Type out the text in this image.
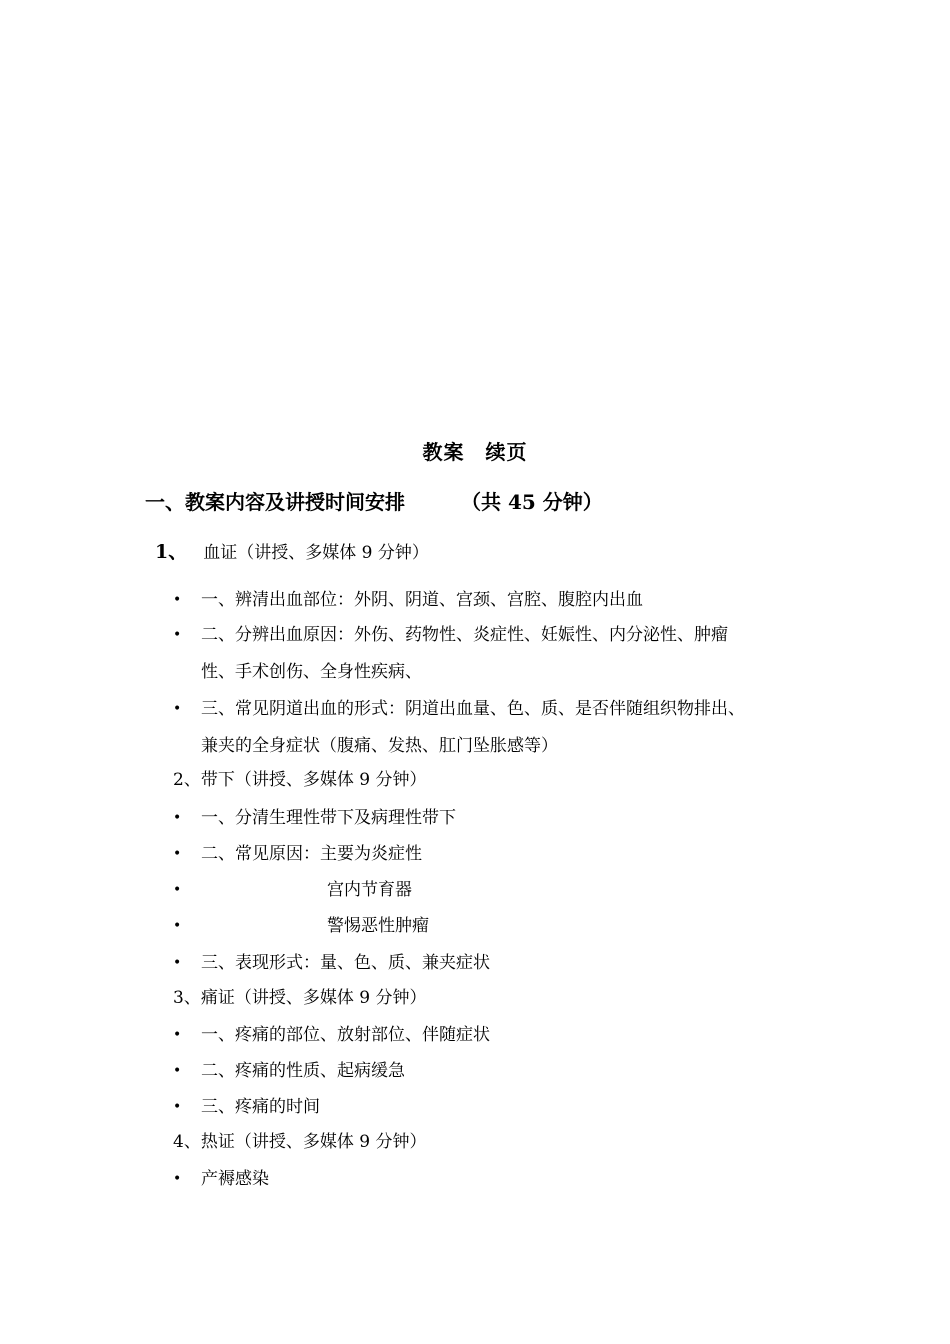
教案　续页
一、教案内容及讲授时间安排	（共 45 分钟）
1、 血证（讲授、多媒体 9 分钟）
• 一、辨清出血部位：外阴、阴道、宫颈、宫腔、腹腔内出血
• 二、分辨出血原因：外伤、药物性、炎症性、妊娠性、内分泌性、肿瘤
性、手术创伤、全身性疾病、
• 三、常见阴道出血的形式：阴道出血量、色、质、是否伴随组织物排出、
兼夹的全身症状（腹痛、发热、肛门坠胀感等）
2、带下（讲授、多媒体 9 分钟）
• 一、分清生理性带下及病理性带下
• 二、常见原因：主要为炎症性
•	宫内节育器
•	警惕恶性肿瘤
• 三、表现形式：量、色、质、兼夹症状
3、痛证（讲授、多媒体 9 分钟）
• 一、疼痛的部位、放射部位、伴随症状
• 二、疼痛的性质、起病缓急
• 三、疼痛的时间
4、热证（讲授、多媒体 9 分钟）
• 产褥感染
